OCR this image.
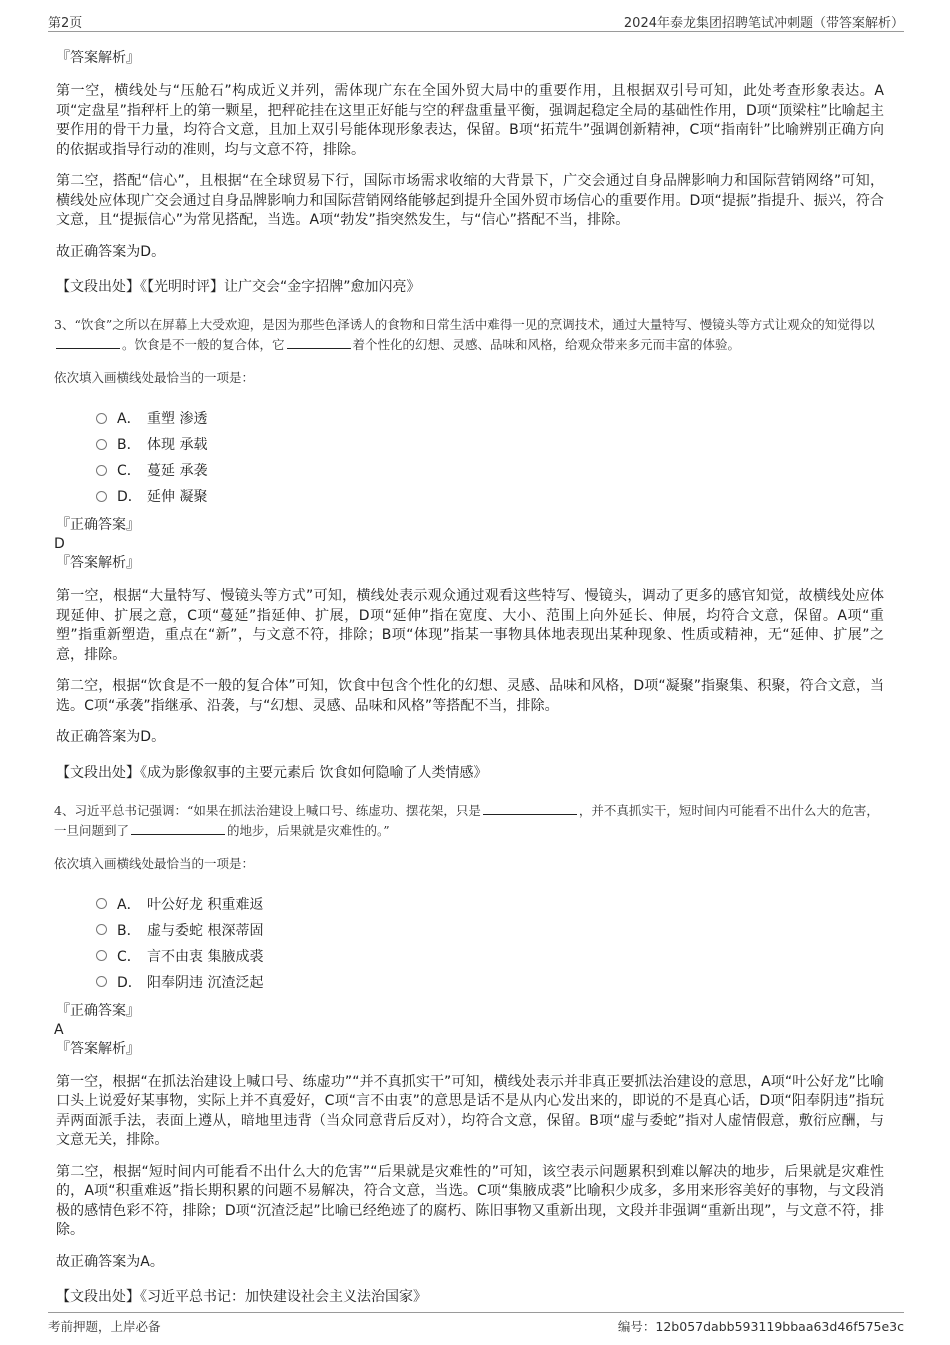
第2页	2024年泰龙集团招聘笔试冲刺题（带答案解析）

『答案解析』

第一空，横线处与“压舱石”构成近义并列，需体现广东在全国外贸大局中的重要作用，且根据双引号可知，此处考查形象表达。A项“定盘星”指秤杆上的第一颗星，把秤砣挂在这里正好能与空的秤盘重量平衡，强调起稳定全局的基础性作用，D项“顶梁柱”比喻起主要作用的骨干力量，均符合文意，且加上双引号能体现形象表达，保留。B项“拓荒牛”强调创新精神，C项“指南针”比喻辨别正确方向的依据或指导行动的准则，均与文意不符，排除。

第二空，搭配“信心”，且根据“在全球贸易下行，国际市场需求收缩的大背景下，广交会通过自身品牌影响力和国际营销网络”可知，横线处应体现广交会通过自身品牌影响力和国际营销网络能够起到提升全国外贸市场信心的重要作用。D项“提振”指提升、振兴，符合文意，且“提振信心”为常见搭配，当选。A项“勃发”指突然发生，与“信心”搭配不当，排除。

故正确答案为D。

【文段出处】《【光明时评】让广交会“金字招牌”愈加闪亮》

3、“饮食”之所以在屏幕上大受欢迎，是因为那些色泽诱人的食物和日常生活中难得一见的烹调技术，通过大量特写、慢镜头等方式让观众的知觉得以。饮食是不一般的复合体，它	着个性化的幻想、灵感、品味和风格，给观众带来多元而丰富的体验。

依次填入画横线处最恰当的一项是：

A． 重塑 渗透
B． 体现 承载
C． 蔓延 承袭
D． 延伸 凝聚

『正确答案』

D

『答案解析』

第一空，根据“大量特写、慢镜头等方式”可知，横线处表示观众通过观看这些特写、慢镜头，调动了更多的感官知觉，故横线处应体现延伸、扩展之意，C项“蔓延”指延伸、扩展，D项“延伸”指在宽度、大小、范围上向外延长、伸展，均符合文意，保留。A项“重塑”指重新塑造，重点在“新”，与文意不符，排除；B项“体现”指某一事物具体地表现出某种现象、性质或精神，无“延伸、扩展”之意，排除。

第二空，根据“饮食是不一般的复合体”可知，饮食中包含个性化的幻想、灵感、品味和风格，D项“凝聚”指聚集、积聚，符合文意，当选。C项“承袭”指继承、沿袭，与“幻想、灵感、品味和风格”等搭配不当，排除。

故正确答案为D。

【文段出处】《成为影像叙事的主要元素后 饮食如何隐喻了人类情感》

4、习近平总书记强调：“如果在抓法治建设上喊口号、练虚功、摆花架，只是	，并不真抓实干，短时间内可能看不出什么大的危害，一旦问题到了	的地步，后果就是灾难性的。”

依次填入画横线处最恰当的一项是：

A． 叶公好龙 积重难返
B． 虚与委蛇 根深蒂固
C． 言不由衷 集腋成裘
D． 阳奉阴违 沉渣泛起

『正确答案』

A

『答案解析』

第一空，根据“在抓法治建设上喊口号、练虚功”“并不真抓实干”可知，横线处表示并非真正要抓法治建设的意思，A项“叶公好龙”比喻口头上说爱好某事物，实际上并不真爱好，C项“言不由衷”的意思是话不是从内心发出来的，即说的不是真心话，D项“阳奉阴违”指玩弄两面派手法，表面上遵从，暗地里违背（当众同意背后反对），均符合文意，保留。B项“虚与委蛇”指对人虚情假意，敷衍应酬，与文意无关，排除。

第二空，根据“短时间内可能看不出什么大的危害”“后果就是灾难性的”可知，该空表示问题累积到难以解决的地步，后果就是灾难性的，A项“积重难返”指长期积累的问题不易解决，符合文意，当选。C项“集腋成裘”比喻积少成多，多用来形容美好的事物，与文段消极的感情色彩不符，排除；D项“沉渣泛起”比喻已经绝迹了的腐朽、陈旧事物又重新出现，文段并非强调“重新出现”，与文意不符，排除。

故正确答案为A。

【文段出处】《习近平总书记：加快建设社会主义法治国家》

考前押题，上岸必备	编号：12b057dabb593119bbaa63d46f575e3c
